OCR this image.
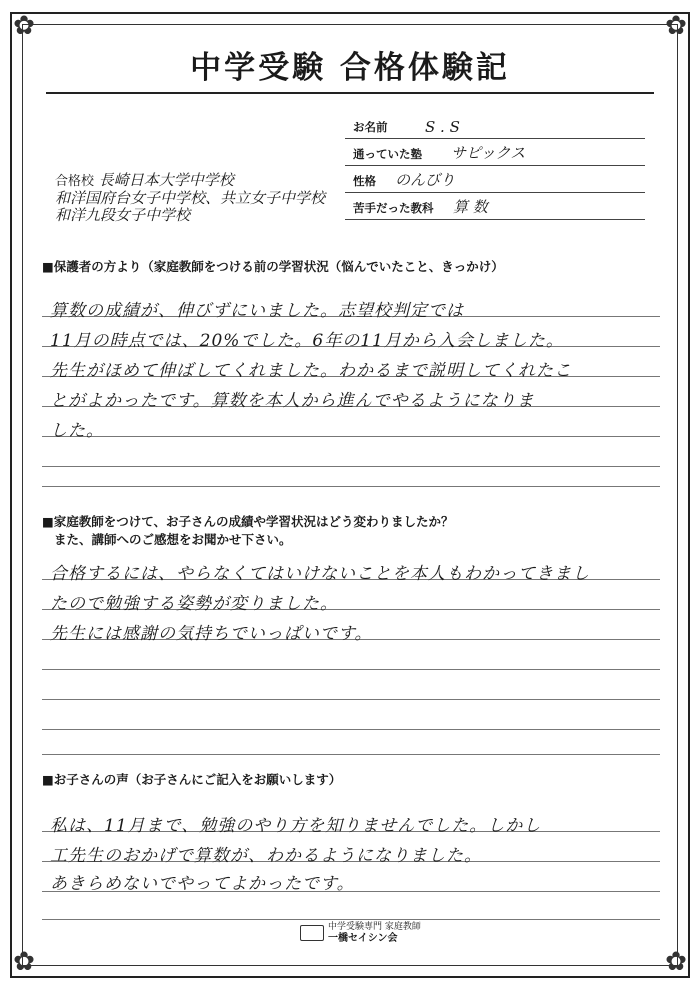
✿	✿
✿	✿
中学受験 合格体験記
お名前	S . S
通っていた塾 サピックス
性格 のんびり
苦手だった教科 算 数
合格校 長崎日本大学中学校
和洋国府台女子中学校、共立女子中学校
和洋九段女子中学校
■保護者の方より（家庭教師をつける前の学習状況（悩んでいたこと、きっかけ）
算数の成績が、伸びずにいました。志望校判定では
11月の時点では、20%でした。6年の11月から入会しました。
先生がほめて伸ばしてくれました。わかるまで説明してくれたこ
とがよかったです。算数を本人から進んでやるようになりま
した。
■家庭教師をつけて、お子さんの成績や学習状況はどう変わりましたか？
また、講師へのご感想をお聞かせ下さい。
合格するには、やらなくてはいけないことを本人もわかってきまし
たので勉強する姿勢が変りました。
先生には感謝の気持ちでいっぱいです。
■お子さんの声（お子さんにご記入をお願いします）
私は、11月まで、勉強のやり方を知りませんでした。しかし
工先生のおかげで算数が、わかるようになりました。
あきらめないでやってよかったです。
中学受験専門 家庭教師
一橋セイシン会
